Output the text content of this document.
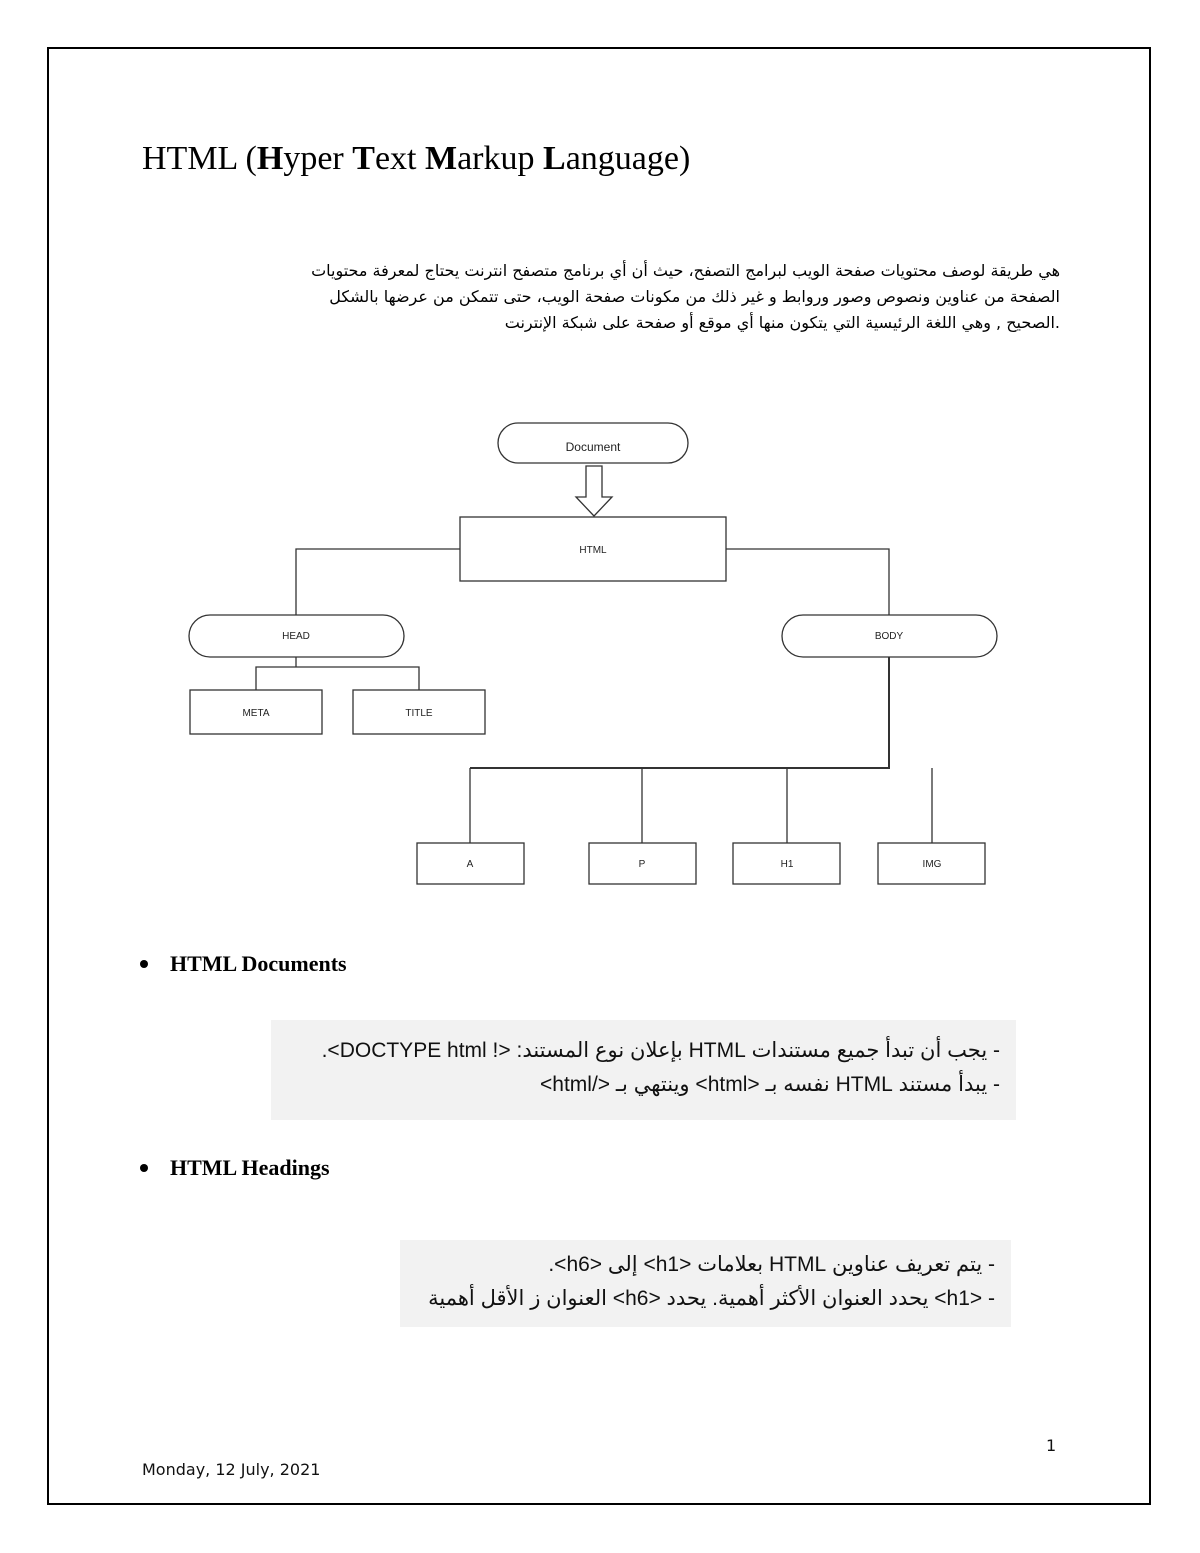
HTML (Hyper Text Markup Language)
هي طريقة لوصف محتويات صفحة الويب لبرامج التصفح، حيث أن أي برنامج متصفح انترنت يحتاج لمعرفة محتويات
الصفحة من عناوين ونصوص وصور وروابط و غير ذلك من مكونات صفحة الويب، حتى تتمكن من عرضها بالشكل
.الصحيح , وهي اللغة الرئيسية التي يتكون منها أي موقع أو صفحة على شبكة الإنترنت
Document
HTML
HEAD	BODY
META	TITLE
A	P	H1	IMG
HTML Documents
- يجب أن تبدأ جميع مستندات HTML بإعلان نوع المستند: <! DOCTYPE html>.
- يبدأ مستند HTML نفسه بـ <html> وينتهي بـ </html>
HTML Headings
- يتم تعريف عناوين HTML بعلامات <h1> إلى <h6>.
- <h1> يحدد العنوان الأكثر أهمية. يحدد <h6> العنوان ز الأقل أهمية
1
Monday, 12 July, 2021
